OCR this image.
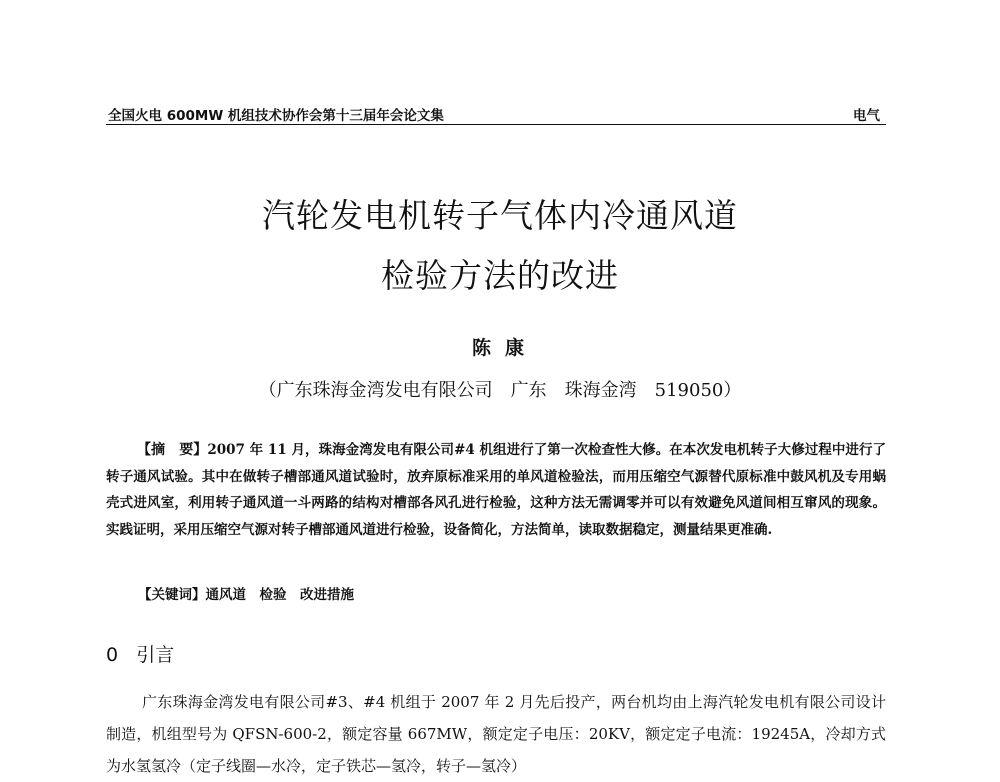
全国火电 600MW 机组技术协作会第十三届年会论文集	电气
汽轮发电机转子气体内冷通风道
检验方法的改进
陈康
（广东珠海金湾发电有限公司　广东　珠海金湾　519050）
【摘　要】2007 年 11 月，珠海金湾发电有限公司#4 机组进行了第一次检查性大修。在本次发电机转子大修过程中进行了转子通风试验。其中在做转子槽部通风道试验时，放弃原标准采用的单风道检验法，而用压缩空气源替代原标准中鼓风机及专用蜗壳式进风室，利用转子通风道一斗两路的结构对槽部各风孔进行检验，这种方法无需调零并可以有效避免风道间相互窜风的现象。实践证明，采用压缩空气源对转子槽部通风道进行检验，设备简化，方法简单，读取数据稳定，测量结果更准确.
【关键词】通风道　检验　改进措施
0 引言
广东珠海金湾发电有限公司#3、#4 机组于 2007 年 2 月先后投产，两台机均由上海汽轮发电机有限公司设计制造，机组型号为 QFSN-600-2，额定容量 667MW，额定定子电压：20KV，额定定子电流：19245A，冷却方式为水氢氢冷（定子线圈—水冷，定子铁芯—氢冷，转子—氢冷）
